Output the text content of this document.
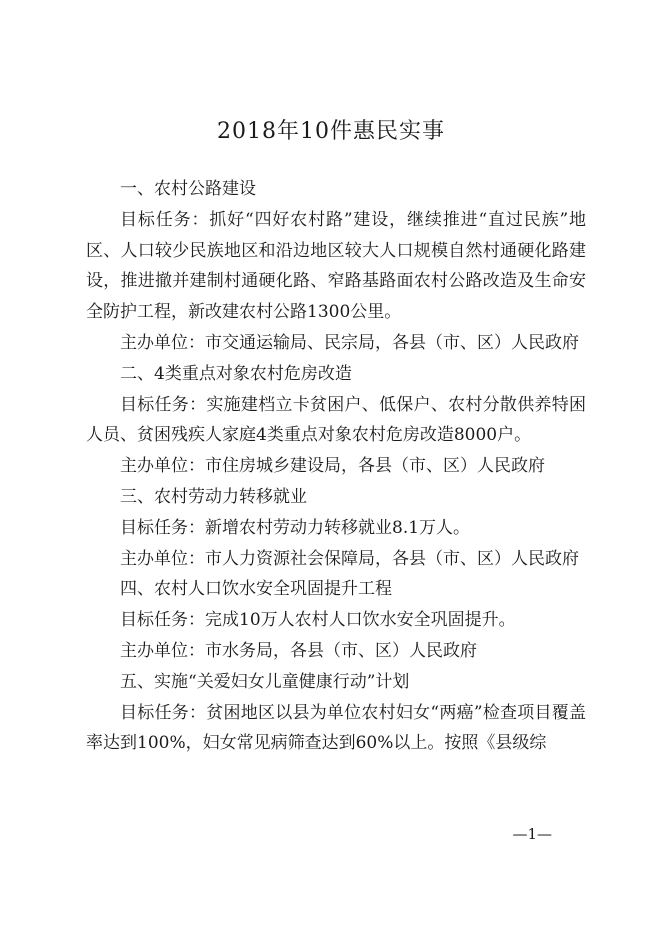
2018年10件惠民实事

一、农村公路建设

目标任务：抓好“四好农村路”建设，继续推进“直过民族”地区、人口较少民族地区和沿边地区较大人口规模自然村通硬化路建设，推进撤并建制村通硬化路、窄路基路面农村公路改造及生命安全防护工程，新改建农村公路1300公里。

主办单位：市交通运输局、民宗局，各县（市、区）人民政府

二、4类重点对象农村危房改造

目标任务：实施建档立卡贫困户、低保户、农村分散供养特困人员、贫困残疾人家庭4类重点对象农村危房改造8000户。

主办单位：市住房城乡建设局，各县（市、区）人民政府

三、农村劳动力转移就业

目标任务：新增农村劳动力转移就业8.1万人。

主办单位：市人力资源社会保障局，各县（市、区）人民政府

四、农村人口饮水安全巩固提升工程

目标任务：完成10万人农村人口饮水安全巩固提升。

主办单位：市水务局，各县（市、区）人民政府

五、实施“关爱妇女儿童健康行动”计划

目标任务：贫困地区以县为单位农村妇女“两癌”检查项目覆盖率达到100%，妇女常见病筛查达到60%以上。按照《县级综

—1—
